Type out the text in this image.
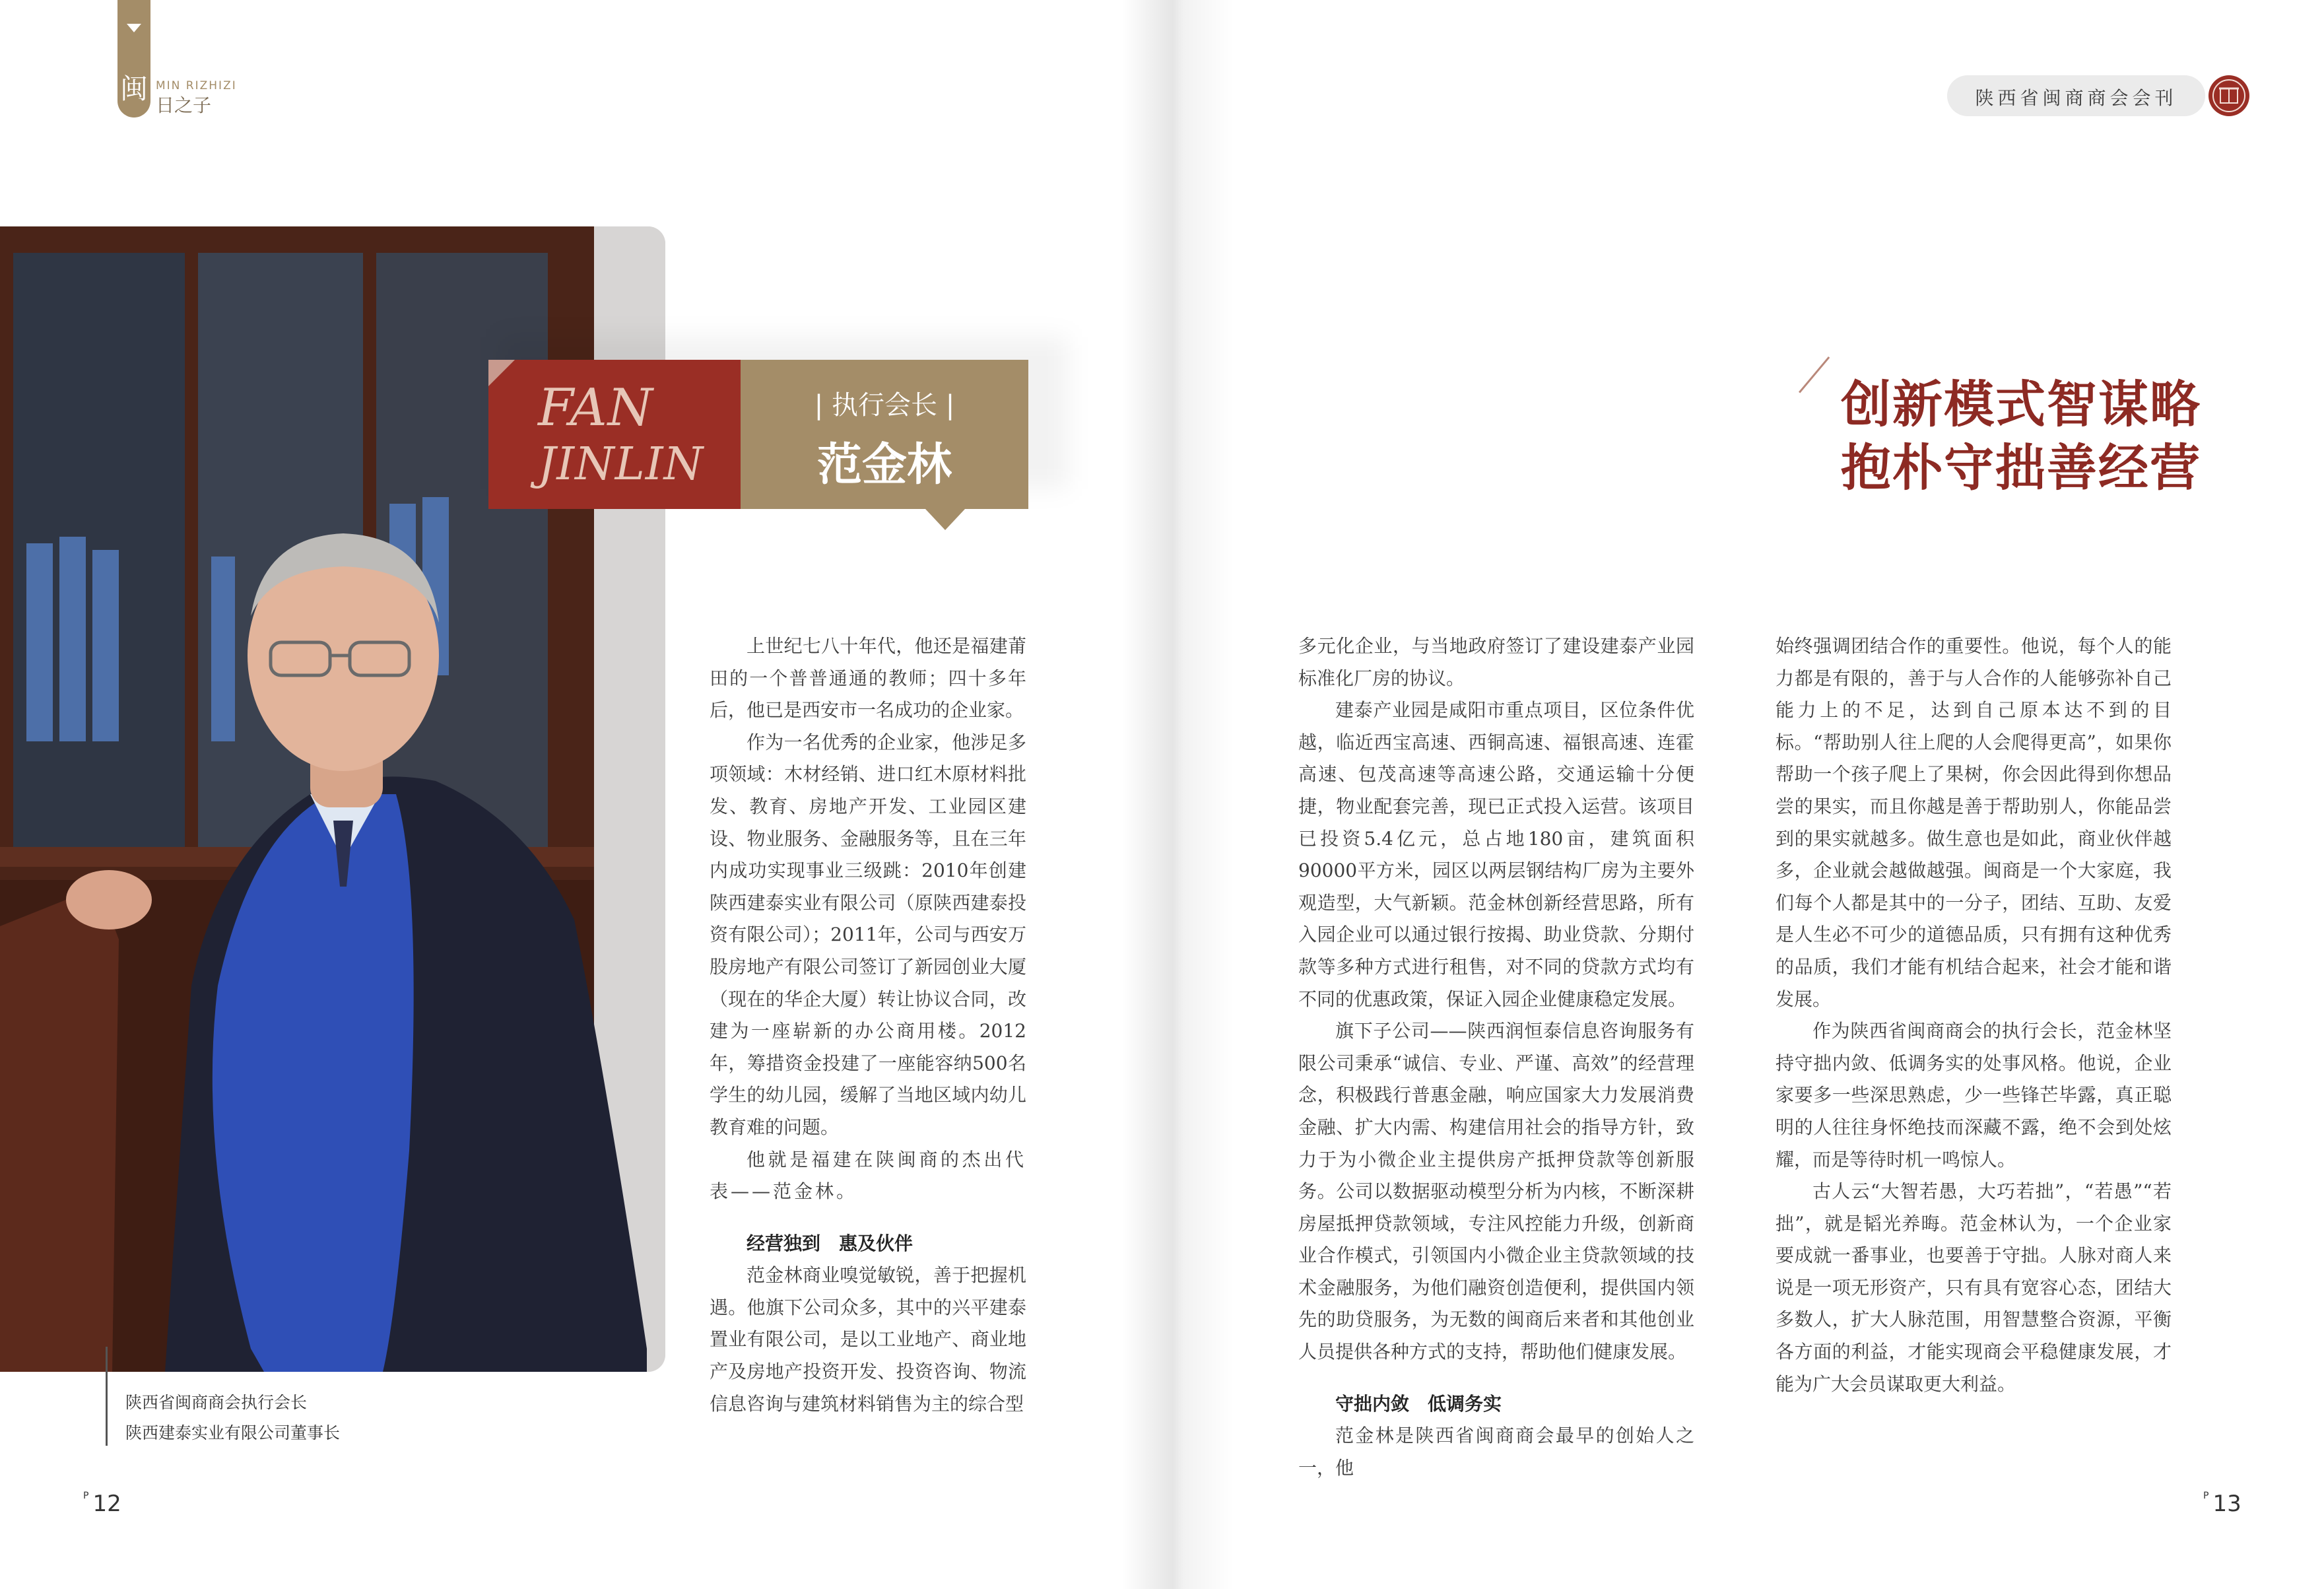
闽 MIN RIZHIZI
日之子
陕西省闽商商会执行会长
陕西建泰实业有限公司董事长
FAN
JINLIN
| 执行会长 |
范金林

上世纪七八十年代，他还是福建莆田的一个普普通通的教师；四十多年后，他已是西安市一名成功的企业家。

作为一名优秀的企业家，他涉足多项领域：木材经销、进口红木原材料批发、教育、房地产开发、工业园区建设、物业服务、金融服务等，且在三年内成功实现事业三级跳：2010年创建陕西建泰实业有限公司（原陕西建泰投资有限公司）；2011年，公司与西安万股房地产有限公司签订了新园创业大厦（现在的华企大厦）转让协议合同，改建为一座崭新的办公商用楼。2012年，筹措资金投建了一座能容纳500名学生的幼儿园，缓解了当地区域内幼儿教育难的问题。

他就是福建在陕闽商的杰出代表——范金林。

经营独到　惠及伙伴

范金林商业嗅觉敏锐，善于把握机遇。他旗下公司众多，其中的兴平建泰置业有限公司，是以工业地产、商业地产及房地产投资开发、投资咨询、物流信息咨询与建筑材料销售为主的综合型

$^P$ 12

多元化企业，与当地政府签订了建设建泰产业园标准化厂房的协议。

建泰产业园是咸阳市重点项目，区位条件优越，临近西宝高速、西铜高速、福银高速、连霍高速、包茂高速等高速公路，交通运输十分便捷，物业配套完善，现已正式投入运营。该项目已投资5.4亿元，总占地180亩，建筑面积90000平方米，园区以两层钢结构厂房为主要外观造型，大气新颖。范金林创新经营思路，所有入园企业可以通过银行按揭、助业贷款、分期付款等多种方式进行租售，对不同的贷款方式均有不同的优惠政策，保证入园企业健康稳定发展。

旗下子公司——陕西润恒泰信息咨询服务有限公司秉承“诚信、专业、严谨、高效”的经营理念，积极践行普惠金融，响应国家大力发展消费金融、扩大内需、构建信用社会的指导方针，致力于为小微企业主提供房产抵押贷款等创新服务。公司以数据驱动模型分析为内核，不断深耕房屋抵押贷款领域，专注风控能力升级，创新商业合作模式，引领国内小微企业主贷款领域的技术金融服务，为他们融资创造便利，提供国内领先的助贷服务，为无数的闽商后来者和其他创业人员提供各种方式的支持，帮助他们健康发展。

守拙内敛　低调务实

范金林是陕西省闽商商会最早的创始人之一，他

始终强调团结合作的重要性。他说，每个人的能力都是有限的，善于与人合作的人能够弥补自己能力上的不足，达到自己原本达不到的目标。“帮助别人往上爬的人会爬得更高”，如果你帮助一个孩子爬上了果树，你会因此得到你想品尝的果实，而且你越是善于帮助别人，你能品尝到的果实就越多。做生意也是如此，商业伙伴越多，企业就会越做越强。闽商是一个大家庭，我们每个人都是其中的一分子，团结、互助、友爱是人生必不可少的道德品质，只有拥有这种优秀的品质，我们才能有机结合起来，社会才能和谐发展。

作为陕西省闽商商会的执行会长，范金林坚持守拙内敛、低调务实的处事风格。他说，企业家要多一些深思熟虑，少一些锋芒毕露，真正聪明的人往往身怀绝技而深藏不露，绝不会到处炫耀，而是等待时机一鸣惊人。

古人云“大智若愚，大巧若拙”，“若愚”“若拙”，就是韬光养晦。范金林认为，一个企业家要成就一番事业，也要善于守拙。人脉对商人来说是一项无形资产，只有具有宽容心态，团结大多数人，扩大人脉范围，用智慧整合资源，平衡各方面的利益，才能实现商会平稳健康发展，才能为广大会员谋取更大利益。

陕西省闽商商会会刊
创新模式智谋略
抱朴守拙善经营
$^P$ 13
